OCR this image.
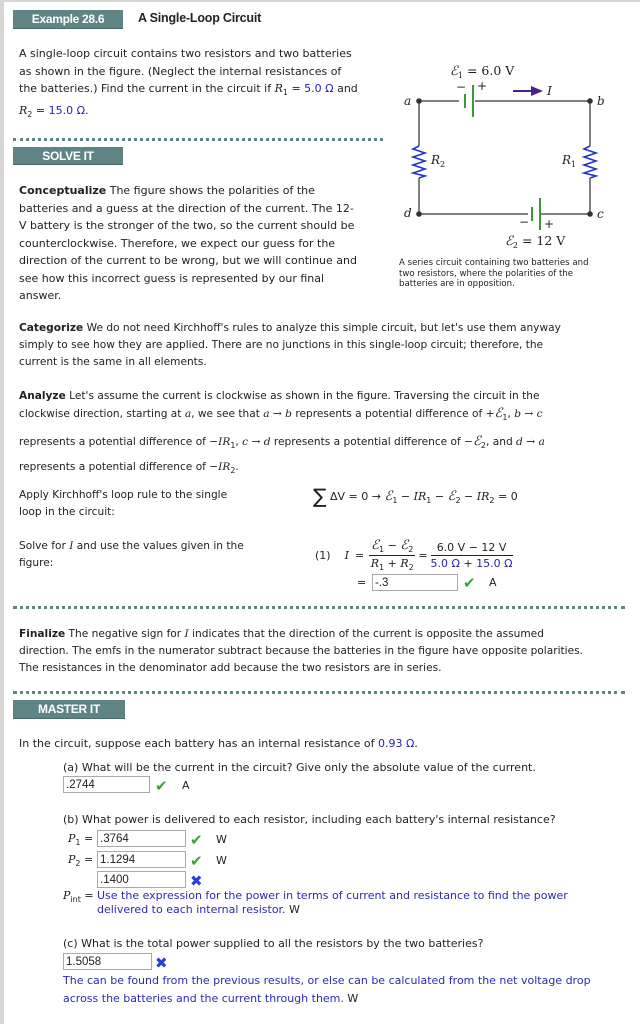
Example 28.6	A Single-Loop Circuit
A single-loop circuit contains two resistors and two batteries
as shown in the figure. (Neglect the internal resistances of
the batteries.) Find the current in the circuit if $R_1 = 5.0$ Ω and
$R_2 = 15.0$ Ω.
SOLVE IT
ℰ$_1$ = 6.0 V
− +	I
a	b
c
d
$R_2$	$R_1$
− +
ℰ$_2$ = 12 V
A series circuit containing two batteries and
two resistors, where the polarities of the
batteries are in opposition.
Conceptualize The figure shows the polarities of the
batteries and a guess at the direction of the current. The 12-
V battery is the stronger of the two, so the current should be
counterclockwise. Therefore, we expect our guess for the
direction of the current to be wrong, but we will continue and
see how this incorrect guess is represented by our final
answer.
Categorize We do not need Kirchhoff's rules to analyze this simple circuit, but let's use them anyway
simply to see how they are applied. There are no junctions in this single-loop circuit; therefore, the
current is the same in all elements.
Analyze Let's assume the current is clockwise as shown in the figure. Traversing the circuit in the
clockwise direction, starting at a, we see that a → b represents a potential difference of +ℰ$_1$, b → c
represents a potential difference of $-IR_1$, c → d represents a potential difference of −ℰ$_2$, and d → a
represents a potential difference of $-IR_2$.
Apply Kirchhoff's loop rule to the single
loop in the circuit:
∑ ΔV = 0 → ℰ$_1$ − $IR_1$ − ℰ$_2$ − $IR_2 = 0$
Solve for I and use the values given in the
figure:
(1) $I = \frac{ℰ_1 - ℰ_2}{R_1 + R_2} = \frac{6.0 V - 12 V}{5.0 \Omega + 15.0 \Omega}$
=
-.3	✔ A
Finalize The negative sign for I indicates that the direction of the current is opposite the assumed
direction. The emfs in the numerator subtract because the batteries in the figure have opposite polarities.
The resistances in the denominator add because the two resistors are in series.
MASTER IT
In the circuit, suppose each battery has an internal resistance of 0.93 Ω.
(a) What will be the current in the circuit? Give only the absolute value of the current.
.2744
✔ A
(b) What power is delivered to each resistor, including each battery's internal resistance?
$P_1$ =
.3764	✔ W
$P_2$ =
1.1294	✔ W
.1400
✖
$P_{int}$ = Use the expression for the power in terms of current and resistance to find the power
delivered to each internal resistor. W
(c) What is the total power supplied to all the resistors by the two batteries?
1.5058
✖
The can be found from the previous results, or else can be calculated from the net voltage drop
across the batteries and the current through them. W
